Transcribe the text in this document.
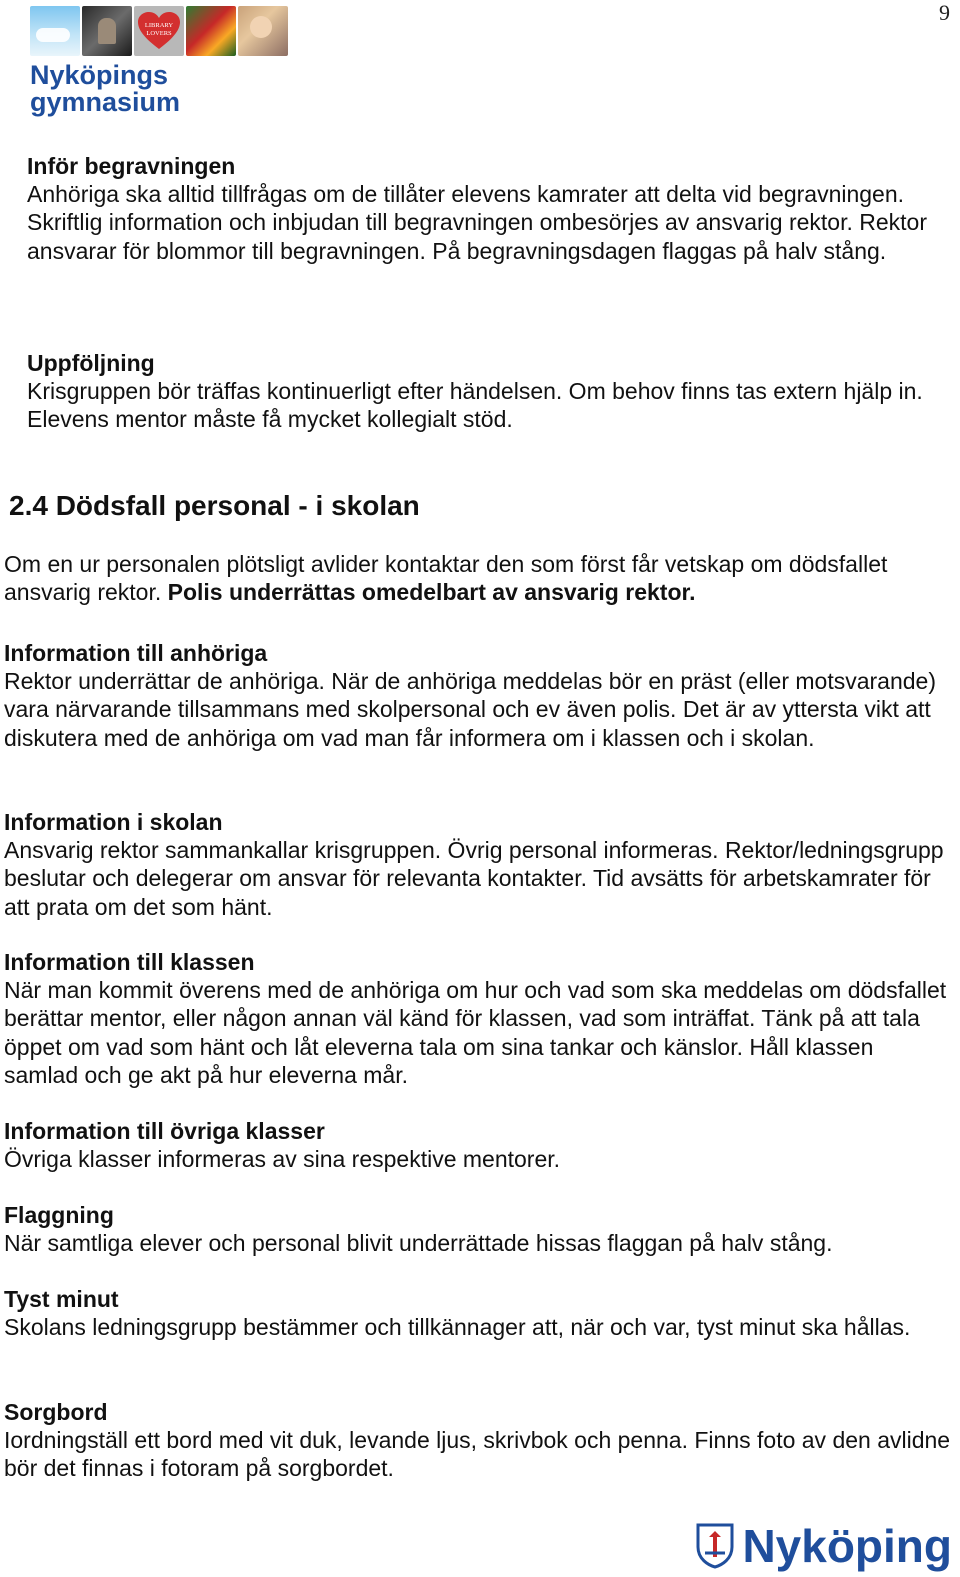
9
LIBRARY
LOVERS
Nyköpings
gymnasium

Inför begravningen
Anhöriga ska alltid tillfrågas om de tillåter elevens kamrater att delta vid begravningen. Skriftlig information och inbjudan till begravningen ombesörjes av ansvarig rektor. Rektor ansvarar för blommor till begravningen. På begravningsdagen flaggas på halv stång.

Uppföljning
Krisgruppen bör träffas kontinuerligt efter händelsen. Om behov finns tas extern hjälp in. Elevens mentor måste få mycket kollegialt stöd.

2.4 Dödsfall personal - i skolan

Om en ur personalen plötsligt avlider kontaktar den som först får vetskap om dödsfallet ansvarig rektor. Polis underrättas omedelbart av ansvarig rektor.

Information till anhöriga
Rektor underrättar de anhöriga. När de anhöriga meddelas bör en präst (eller motsvarande) vara närvarande tillsammans med skolpersonal och ev även polis. Det är av yttersta vikt att diskutera med de anhöriga om vad man får informera om i klassen och i skolan.

Information i skolan
Ansvarig rektor sammankallar krisgruppen. Övrig personal informeras. Rektor/ledningsgrupp beslutar och delegerar om ansvar för relevanta kontakter. Tid avsätts för arbetskamrater för att prata om det som hänt.

Information till klassen
När man kommit överens med de anhöriga om hur och vad som ska meddelas om dödsfallet berättar mentor, eller någon annan väl känd för klassen, vad som inträffat. Tänk på att tala öppet om vad som hänt och låt eleverna tala om sina tankar och känslor. Håll klassen samlad och ge akt på hur eleverna mår.

Information till övriga klasser
Övriga klasser informeras av sina respektive mentorer.

Flaggning
När samtliga elever och personal blivit underrättade hissas flaggan på halv stång.

Tyst minut
Skolans ledningsgrupp bestämmer och tillkännager att, när och var, tyst minut ska hållas.

Sorgbord
Iordningställ ett bord med vit duk, levande ljus, skrivbok och penna. Finns foto av den avlidne bör det finnas i fotoram på sorgbordet.

Nyköping
